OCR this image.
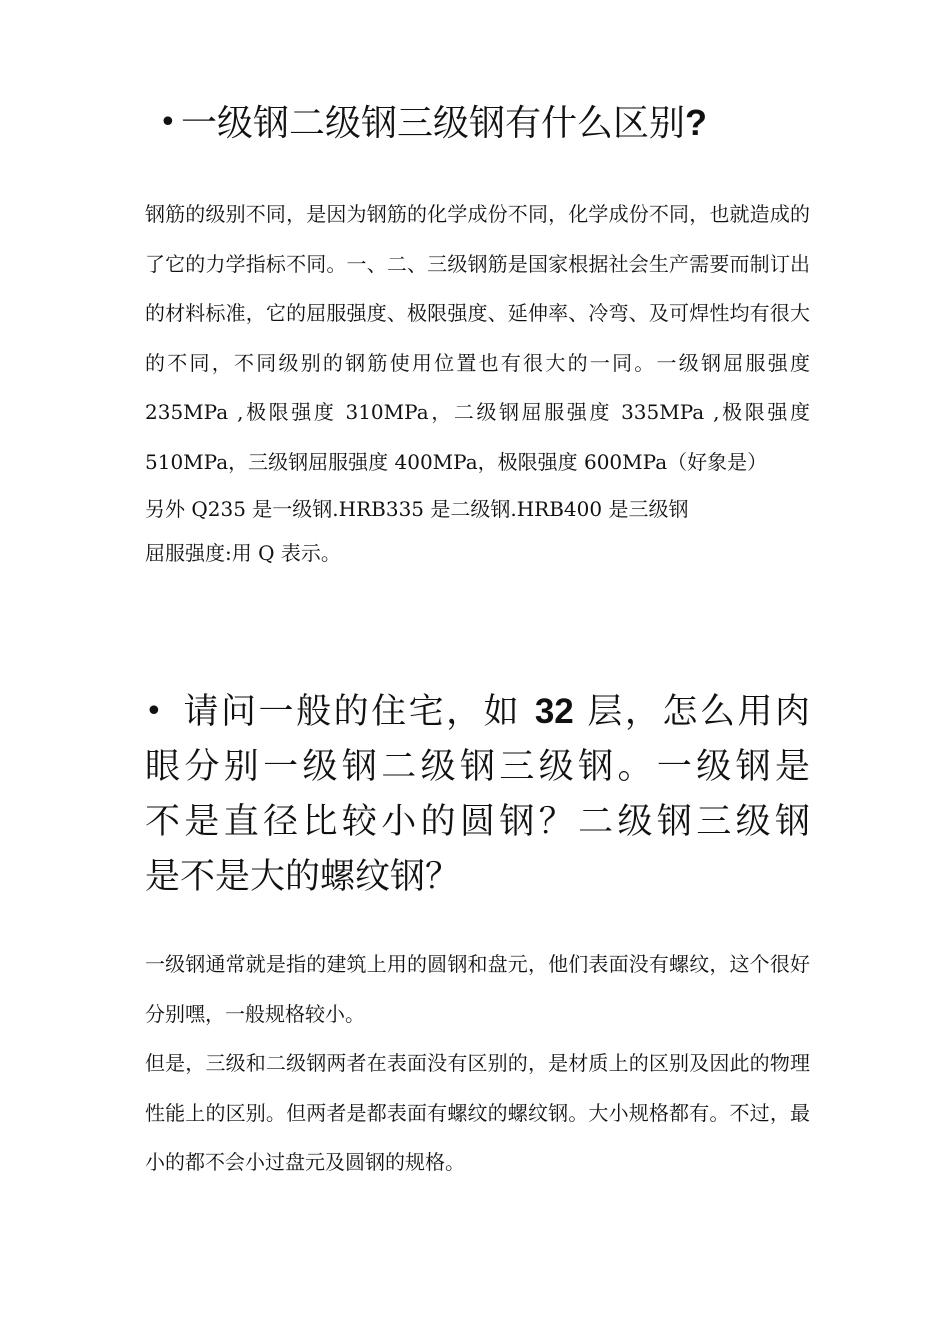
• 一级钢二级钢三级钢有什么区别?

钢筋的级别不同，是因为钢筋的化学成份不同，化学成份不同，也就造成的了它的力学指标不同。一、二、三级钢筋是国家根据社会生产需要而制订出的材料标准，它的屈服强度、极限强度、延伸率、冷弯、及可焊性均有很大的不同，不同级别的钢筋使用位置也有很大的一同。一级钢屈服强度 235MPa ,极限强度 310MPa，二级钢屈服强度 335MPa ,极限强度 510MPa，三级钢屈服强度 400MPa，极限强度 600MPa（好象是）

另外 Q235 是一级钢.HRB335 是二级钢.HRB400 是三级钢

屈服强度:用 Q 表示。

• 请问一般的住宅，如 32 层，怎么用肉
眼分别一级钢二级钢三级钢。一级钢是
不是直径比较小的圆钢？二级钢三级钢
是不是大的螺纹钢？

一级钢通常就是指的建筑上用的圆钢和盘元，他们表面没有螺纹，这个很好分别嘿，一般规格较小。

但是，三级和二级钢两者在表面没有区别的，是材质上的区别及因此的物理性能上的区别。但两者是都表面有螺纹的螺纹钢。大小规格都有。不过，最小的都不会小过盘元及圆钢的规格。
